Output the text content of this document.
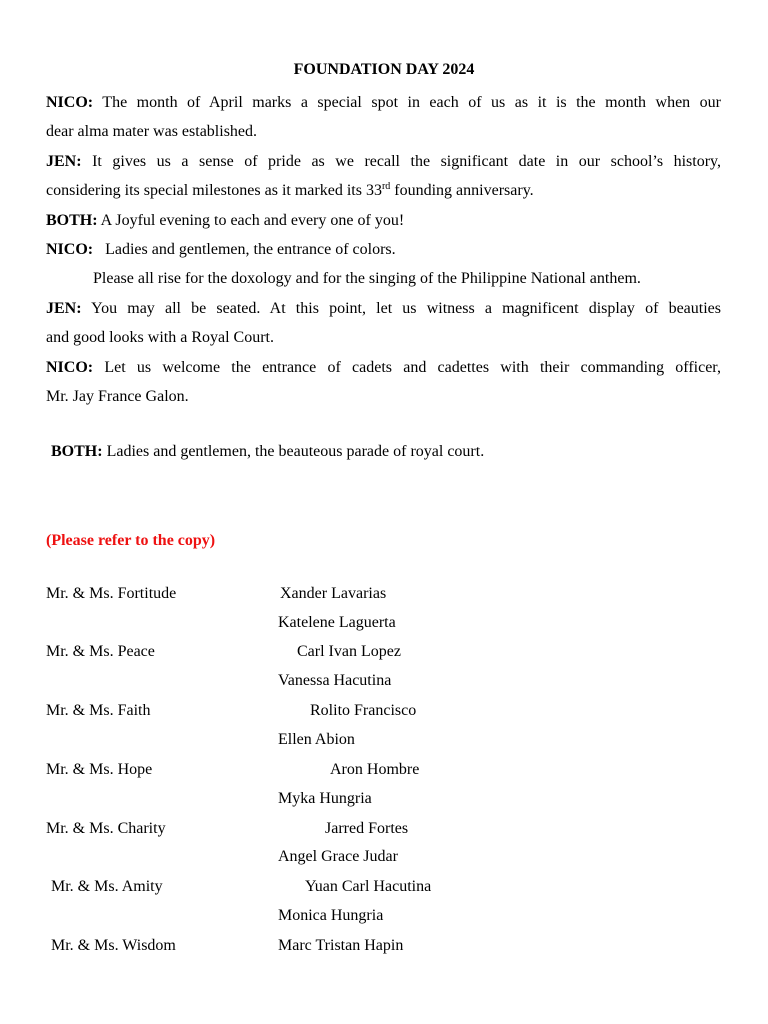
FOUNDATION DAY 2024
NICO: The month of April marks a special spot in each of us as it is the month when our
dear alma mater was established.
JEN: It gives us a sense of pride as we recall the significant date in our school’s history,
considering its special milestones as it marked its 33rd founding anniversary.
BOTH: A Joyful evening to each and every one of you!
NICO:   Ladies and gentlemen, the entrance of colors.
Please all rise for the doxology and for the singing of the Philippine National anthem.
JEN: You may all be seated. At this point, let us witness a magnificent display of beauties
and good looks with a Royal Court.
NICO: Let us welcome the entrance of cadets and cadettes with their commanding officer,
Mr. Jay France Galon.
BOTH: Ladies and gentlemen, the beauteous parade of royal court.
(Please refer to the copy)
Mr. & Ms. Fortitude	Xander Lavarias
Katelene Laguerta
Mr. & Ms. Peace	Carl Ivan Lopez
Vanessa Hacutina
Mr. & Ms. Faith	Rolito Francisco
Ellen Abion
Mr. & Ms. Hope	Aron Hombre
Myka Hungria
Mr. & Ms. Charity	Jarred Fortes
Angel Grace Judar
Mr. & Ms. Amity	Yuan Carl Hacutina
Monica Hungria
Mr. & Ms. Wisdom	Marc Tristan Hapin
